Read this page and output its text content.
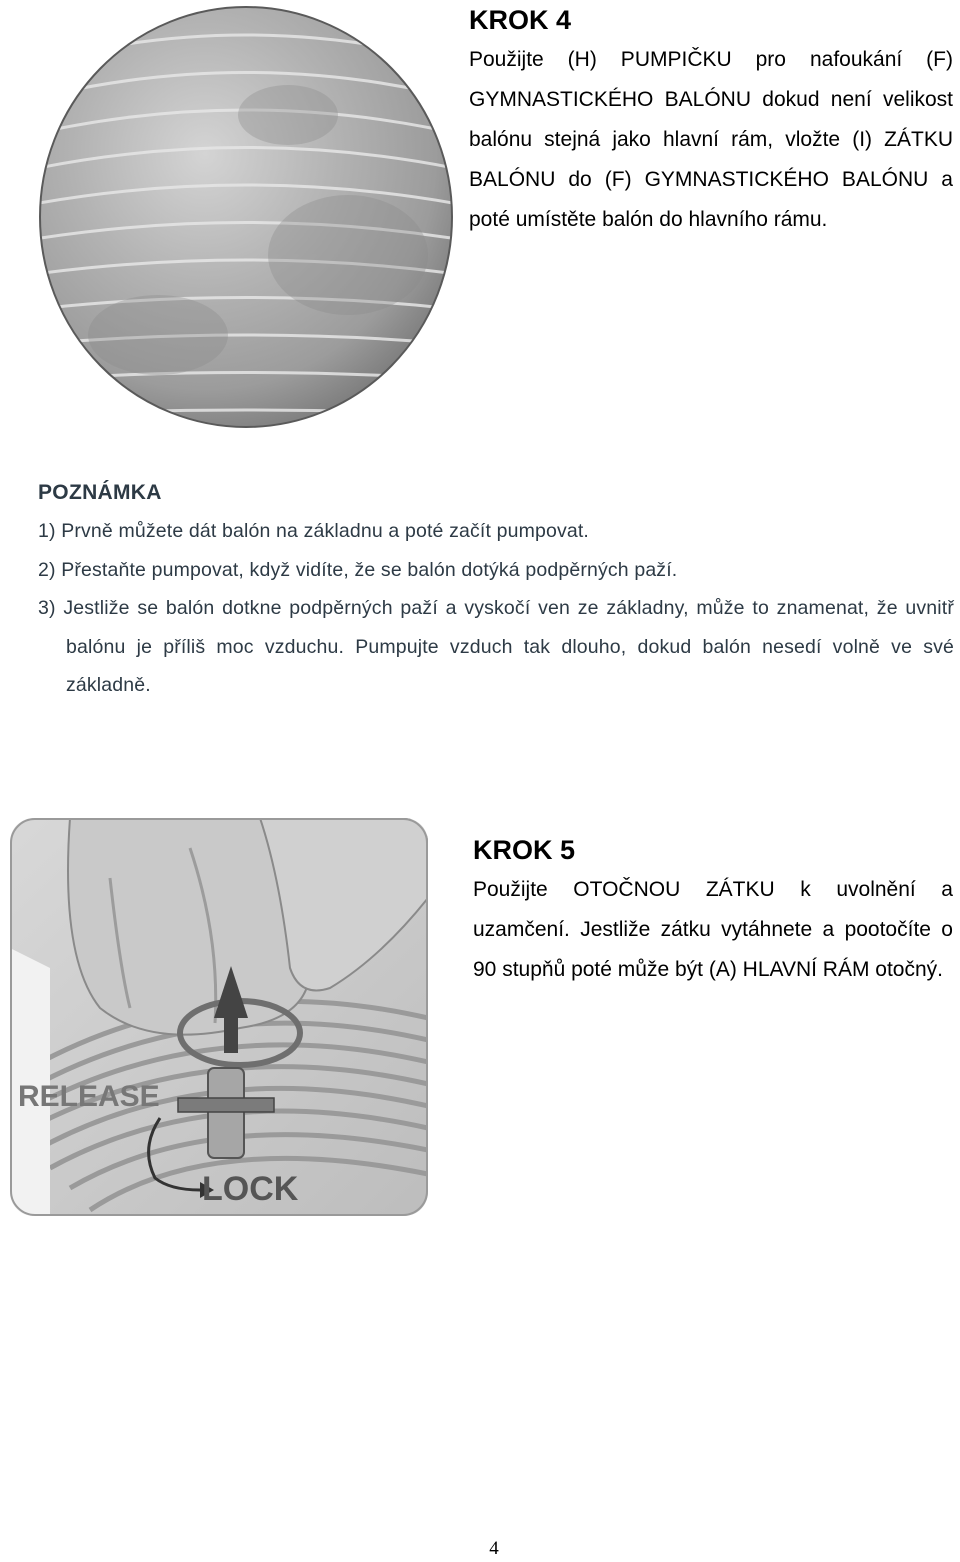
KROK 4

Použijte (H) PUMPIČKU pro nafoukání (F) GYMNASTICKÉHO BALÓNU dokud není velikost balónu stejná jako hlavní rám, vložte (I) ZÁTKU BALÓNU do (F) GYMNASTICKÉHO BALÓNU a poté umístěte balón do hlavního rámu.

POZNÁMKA

1) Prvně můžete dát balón na základnu a poté začít pumpovat.

2) Přestaňte pumpovat, když vidíte, že se balón dotýká podpěrných paží.

3) Jestliže se balón dotkne podpěrných paží a vyskočí ven ze základny, může to znamenat, že uvnitř balónu je příliš moc vzduchu. Pumpujte vzduch tak dlouho, dokud balón nesedí volně ve své základně.

RELEASE
LOCK
KROK 5

Použijte OTOČNOU ZÁTKU k uvolnění a uzamčení. Jestliže zátku vytáhnete a pootočíte o 90 stupňů poté může být (A) HLAVNÍ RÁM otočný.

4
